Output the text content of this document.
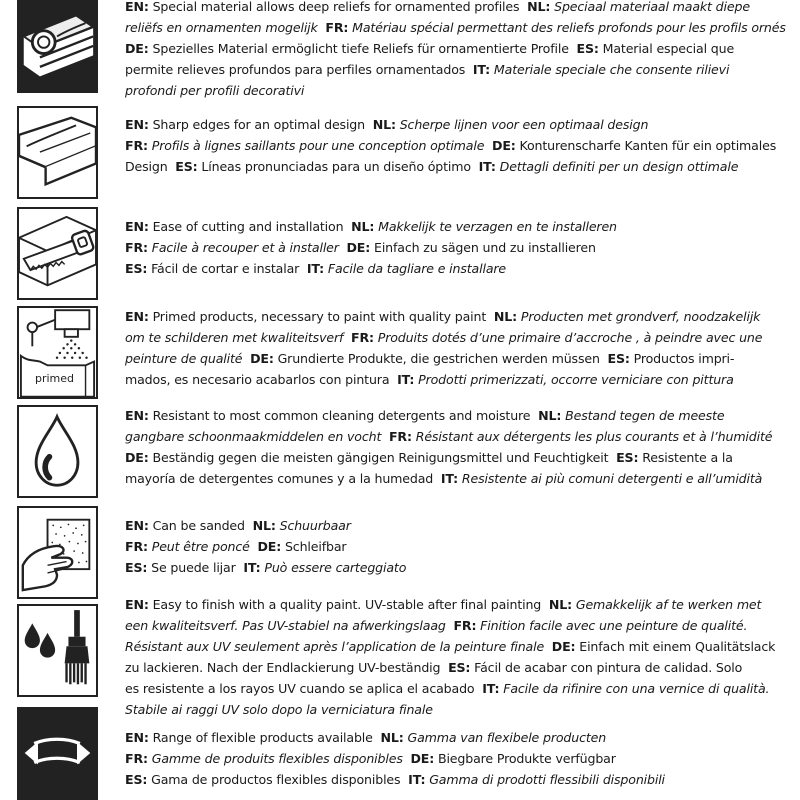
EN: Special material allows deep reliefs for ornamented profiles  NL: Speciaal materiaal maakt diepe
reliëfs en ornamenten mogelijk  FR: Matériau spécial permettant des reliefs profonds pour les profils ornés
DE: Spezielles Material ermöglicht tiefe Reliefs für ornamentierte Profile  ES: Material especial que
permite relieves profundos para perfiles ornamentados  IT: Materiale speciale che consente rilievi
profondi per profili decorativi
EN: Sharp edges for an optimal design  NL: Scherpe lijnen voor een optimaal design
FR: Profils à lignes saillants pour une conception optimale  DE: Konturenscharfe Kanten für ein optimales
Design  ES: Líneas pronunciadas para un diseño óptimo  IT: Dettagli definiti per un design ottimale
EN: Ease of cutting and installation  NL: Makkelijk te verzagen en te installeren
FR: Facile à recouper et à installer  DE: Einfach zu sägen und zu installieren
ES: Fácil de cortar e instalar  IT: Facile da tagliare e installare
primed
EN: Primed products, necessary to paint with quality paint  NL: Producten met grondverf, noodzakelijk
om te schilderen met kwaliteitsverf  FR: Produits dotés d’une primaire d’accroche , à peindre avec une
peinture de qualité  DE: Grundierte Produkte, die gestrichen werden müssen  ES: Productos impri-
mados, es necesario acabarlos con pintura  IT: Prodotti primerizzati, occorre verniciare con pittura
EN: Resistant to most common cleaning detergents and moisture  NL: Bestand tegen de meeste
gangbare schoonmaakmiddelen en vocht  FR: Résistant aux détergents les plus courants et à l’humidité
DE: Beständig gegen die meisten gängigen Reinigungsmittel und Feuchtigkeit  ES: Resistente a la
mayoría de detergentes comunes y a la humedad  IT: Resistente ai più comuni detergenti e all’umidità
EN: Can be sanded  NL: Schuurbaar
FR: Peut être poncé  DE: Schleifbar
ES: Se puede lijar  IT: Può essere carteggiato
EN: Easy to finish with a quality paint. UV-stable after final painting  NL: Gemakkelijk af te werken met
een kwaliteitsverf. Pas UV-stabiel na afwerkingslaag  FR: Finition facile avec une peinture de qualité.
Résistant aux UV seulement après l’application de la peinture finale  DE: Einfach mit einem Qualitätslack
zu lackieren. Nach der Endlackierung UV-beständig  ES: Fácil de acabar con pintura de calidad. Solo
es resistente a los rayos UV cuando se aplica el acabado  IT: Facile da rifinire con una vernice di qualità.
Stabile ai raggi UV solo dopo la verniciatura finale
EN: Range of flexible products available  NL: Gamma van flexibele producten
FR: Gamme de produits flexibles disponibles  DE: Biegbare Produkte verfügbar
ES: Gama de productos flexibles disponibles  IT: Gamma di prodotti flessibili disponibili
